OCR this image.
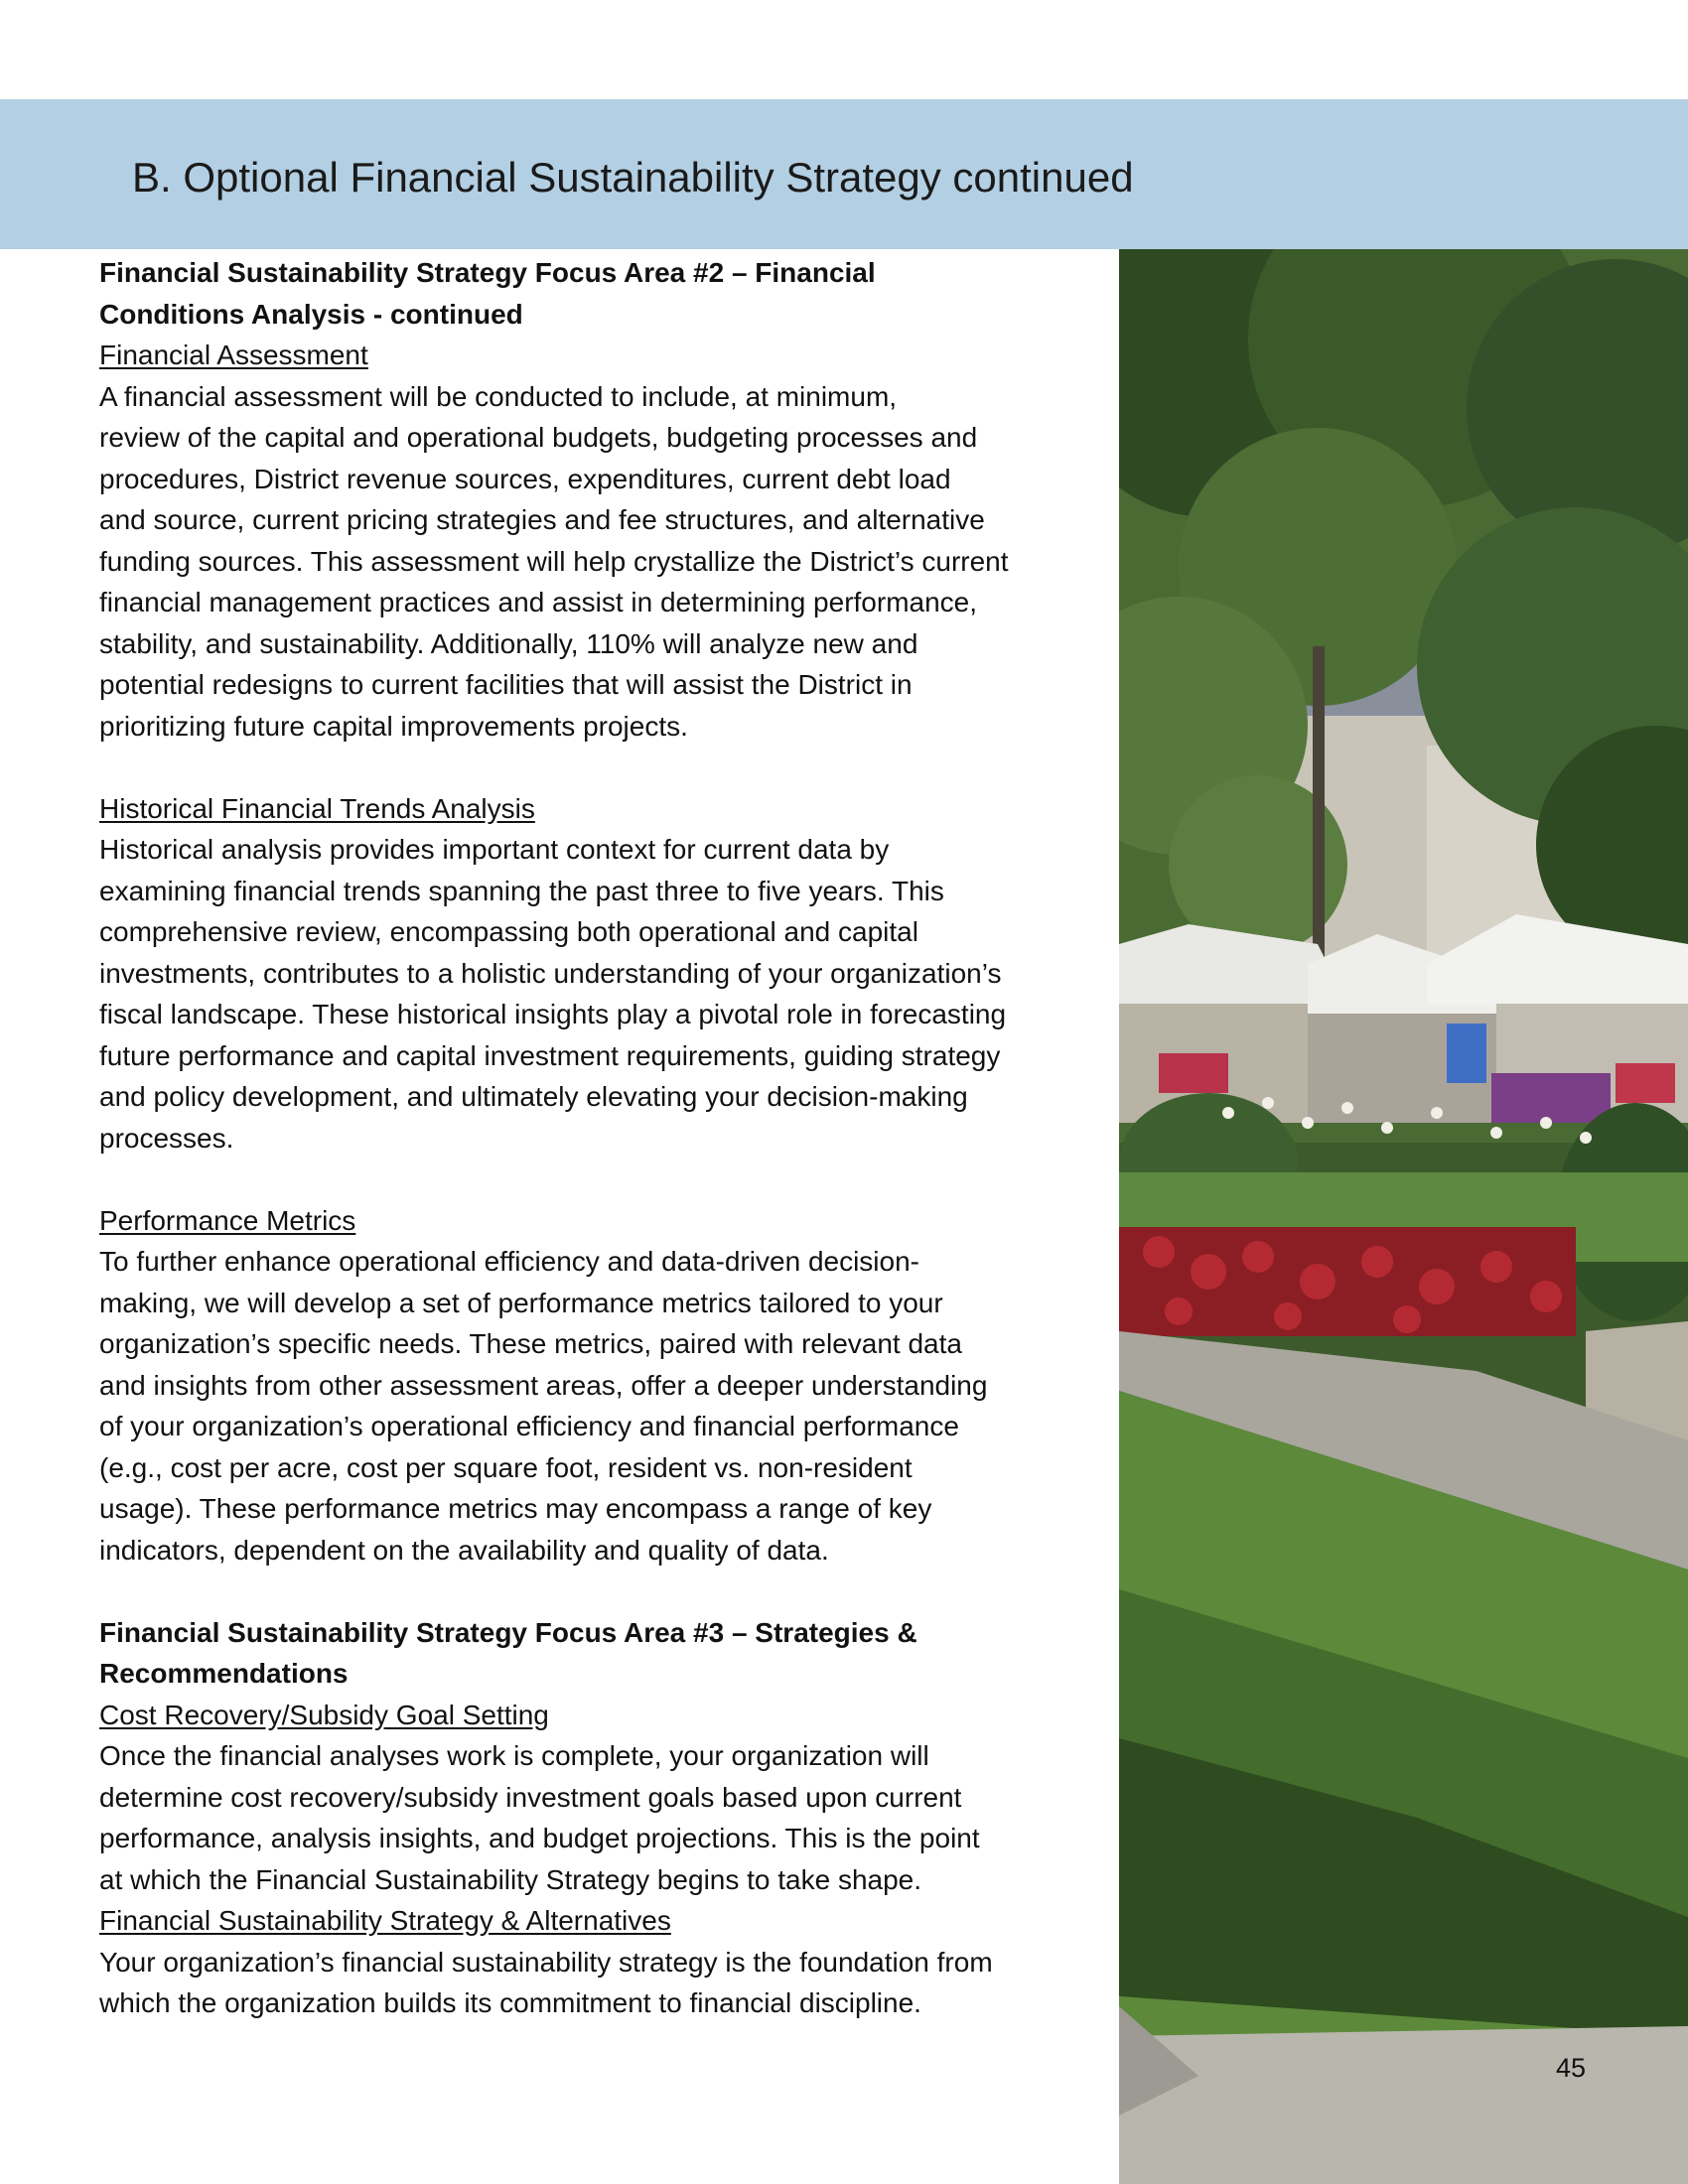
B. Optional Financial Sustainability Strategy continued

Financial Sustainability Strategy Focus Area #2 – Financial

Conditions Analysis - continued

Financial Assessment

A financial assessment will be conducted to include, at minimum,

review of the capital and operational budgets, budgeting processes and

procedures, District revenue sources, expenditures, current debt load

and source, current pricing strategies and fee structures, and alternative

funding sources. This assessment will help crystallize the District’s current

financial management practices and assist in determining performance,

stability, and sustainability. Additionally, 110% will analyze new and

potential redesigns to current facilities that will assist the District in

prioritizing future capital improvements projects.

Historical Financial Trends Analysis

Historical analysis provides important context for current data by

examining financial trends spanning the past three to five years. This

comprehensive review, encompassing both operational and capital

investments, contributes to a holistic understanding of your organization’s

fiscal landscape. These historical insights play a pivotal role in forecasting

future performance and capital investment requirements, guiding strategy

and policy development, and ultimately elevating your decision-making

processes.

Performance Metrics

To further enhance operational efficiency and data-driven decision-

making, we will develop a set of performance metrics tailored to your

organization’s specific needs. These metrics, paired with relevant data

and insights from other assessment areas, offer a deeper understanding

of your organization’s operational efficiency and financial performance

(e.g., cost per acre, cost per square foot, resident vs. non-resident

usage). These performance metrics may encompass a range of key

indicators, dependent on the availability and quality of data.

Financial Sustainability Strategy Focus Area #3 – Strategies &

Recommendations

Cost Recovery/Subsidy Goal Setting

Once the financial analyses work is complete, your organization will

determine cost recovery/subsidy investment goals based upon current

performance, analysis insights, and budget projections. This is the point

at which the Financial Sustainability Strategy begins to take shape.

Financial Sustainability Strategy & Alternatives

Your organization’s financial sustainability strategy is the foundation from

which the organization builds its commitment to financial discipline.

45
